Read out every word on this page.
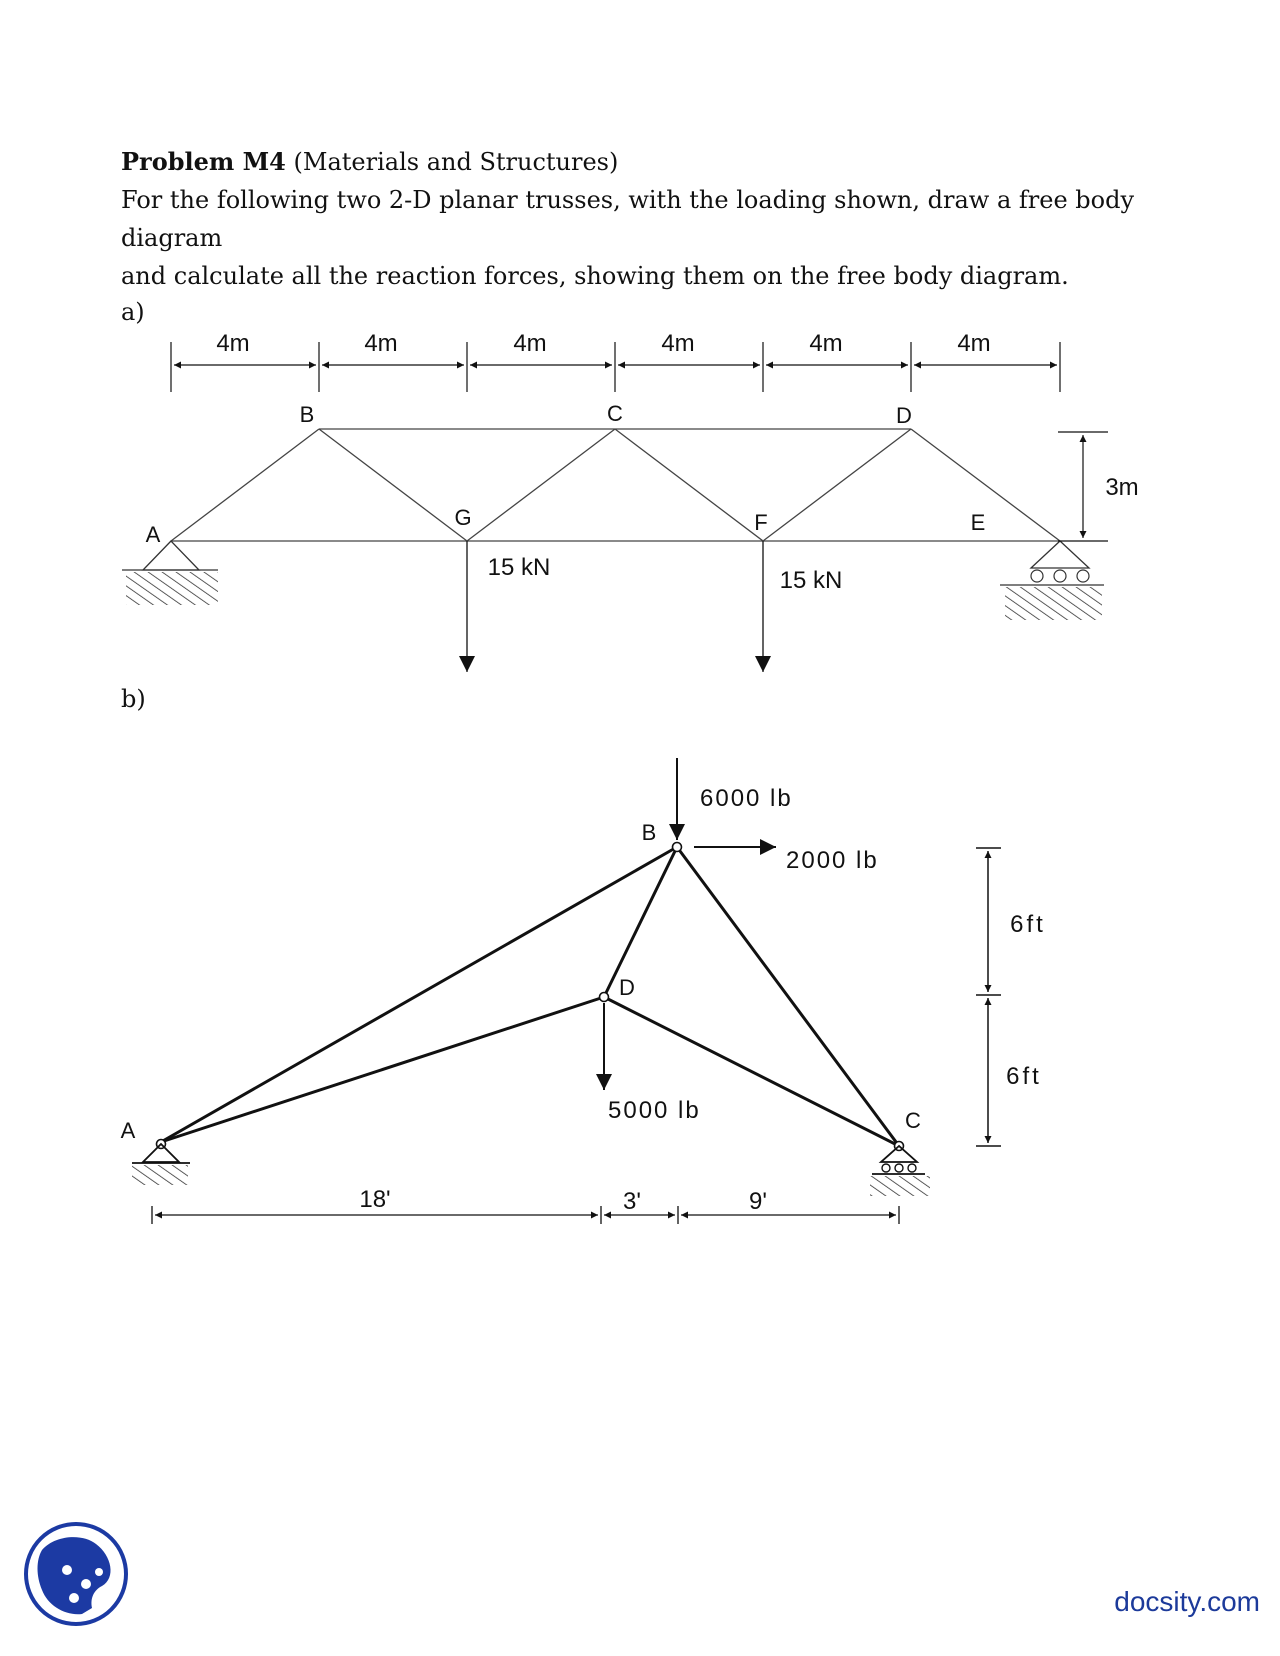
Problem M4 (Materials and Structures)
For the following two 2-D planar trusses, with the loading shown, draw a free body diagram
and calculate all the reaction forces, showing them on the free body diagram.
a)
b)
4m	4m	4m	4m	4m	4m
A
B	C	D
E
F
G
3m
15 kN	15 kN
A
B
C
D
6000 lb
2000 lb
5000 lb
18'	3'	9'
6ft
6ft
docsity.com
